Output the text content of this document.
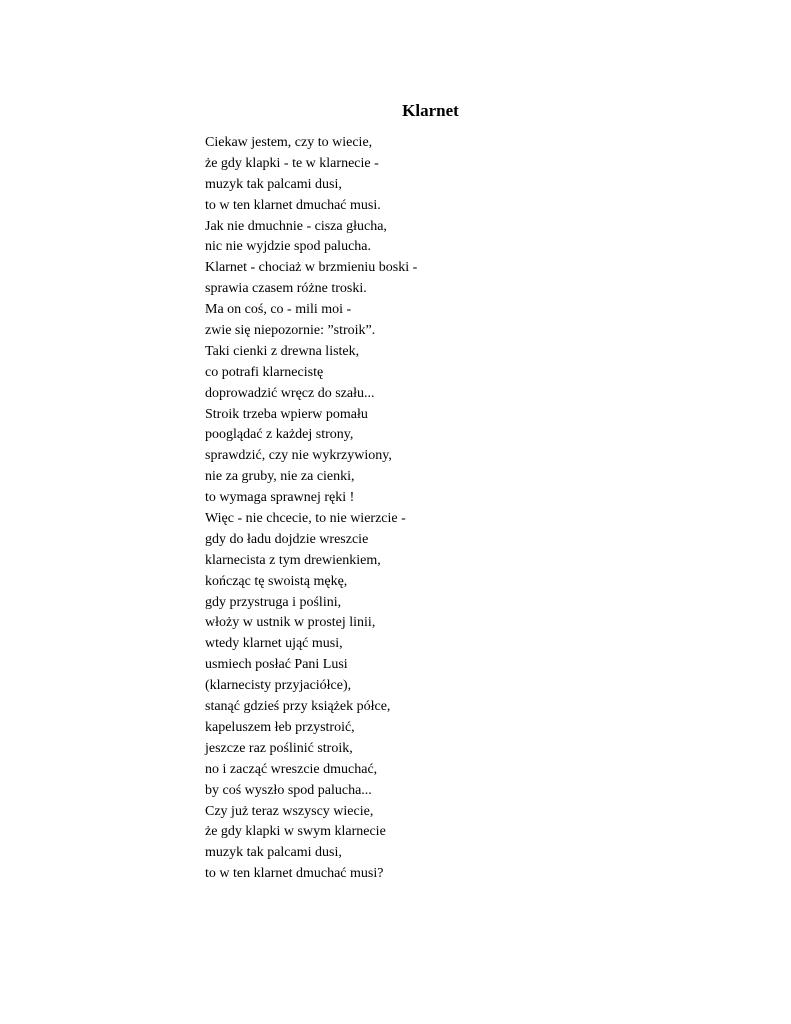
Klarnet
Ciekaw jestem, czy to wiecie,
że gdy klapki - te w klarnecie -
muzyk tak palcami dusi,
to w ten klarnet dmuchać musi.
Jak nie dmuchnie - cisza głucha,
nic nie wyjdzie spod palucha.
Klarnet - chociaż w brzmieniu boski -
sprawia czasem różne troski.
Ma on coś, co - mili moi -
zwie się niepozornie: ”stroik”.
Taki cienki z drewna listek,
co potrafi klarnecistę
doprowadzić wręcz do szału...
Stroik trzeba wpierw pomału
pooglądać z każdej strony,
sprawdzić, czy nie wykrzywiony,
nie za gruby, nie za cienki,
to wymaga sprawnej ręki !
Więc - nie chcecie, to nie wierzcie -
gdy do ładu dojdzie wreszcie
klarnecista z tym drewienkiem,
kończąc tę swoistą mękę,
gdy przystruga i poślini,
włoży w ustnik w prostej linii,
wtedy klarnet ująć musi,
usmiech posłać Pani Lusi
(klarnecisty przyjaciółce),
stanąć gdzieś przy książek półce,
kapeluszem łeb przystroić,
jeszcze raz poślinić stroik,
no i zacząć wreszcie dmuchać,
by coś wyszło spod palucha...
Czy już teraz wszyscy wiecie,
że gdy klapki w swym klarnecie
muzyk tak palcami dusi,
to w ten klarnet dmuchać musi?
